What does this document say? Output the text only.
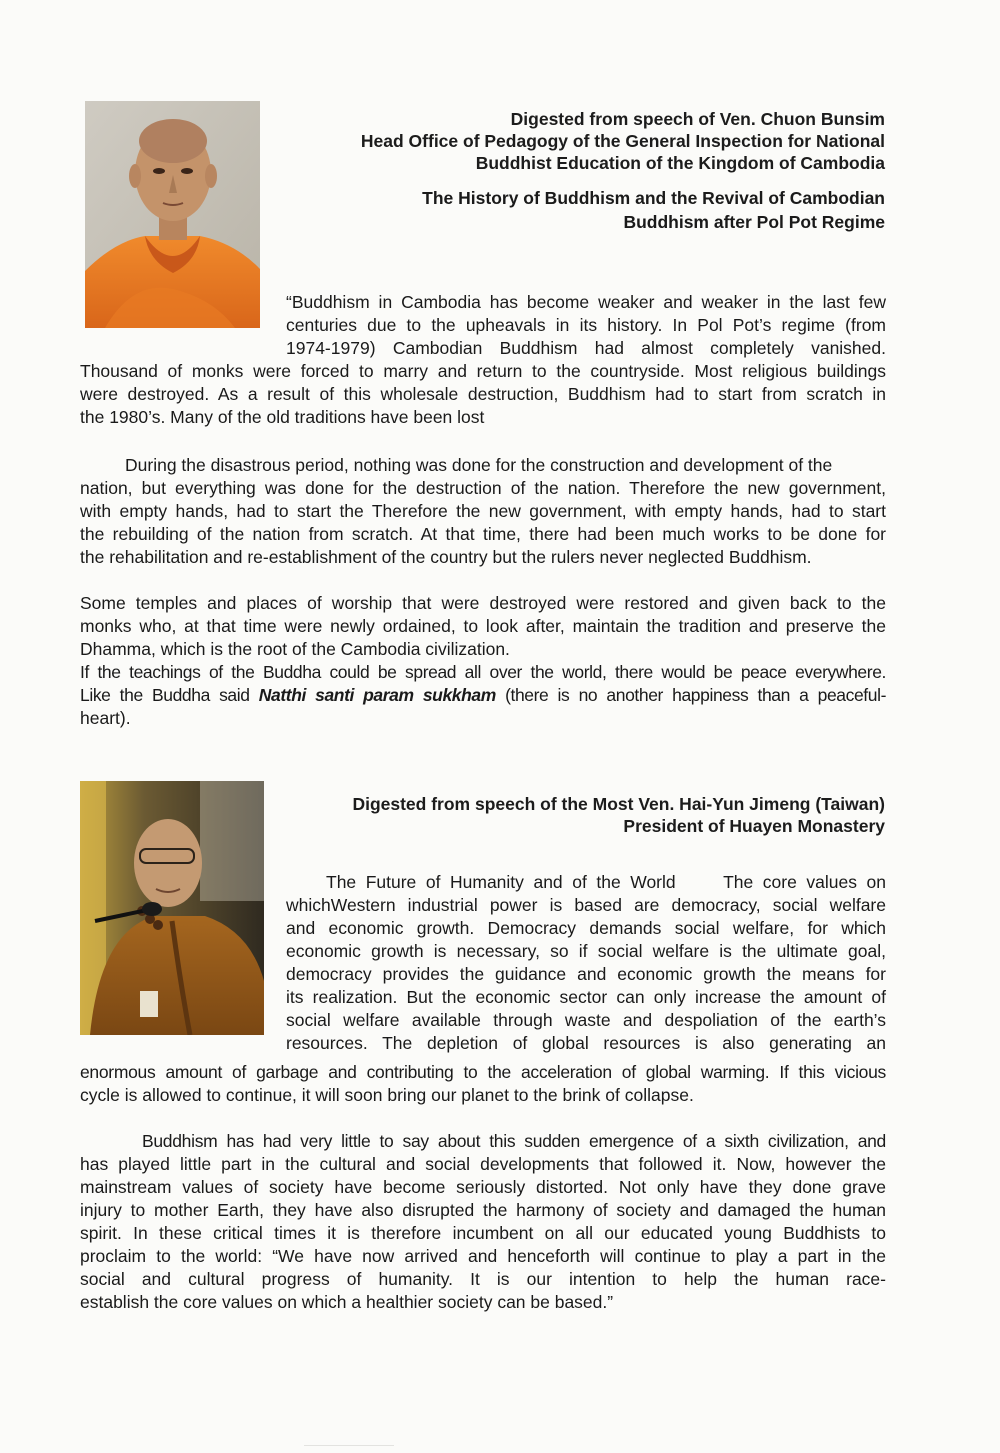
Digested from speech of Ven. Chuon Bunsim
Head Office of Pedagogy of the General Inspection for National
Buddhist Education of the Kingdom of Cambodia
The History of Buddhism and the Revival of Cambodian
Buddhism after Pol Pot Regime
“Buddhism in Cambodia has become weaker and weaker in the last few
centuries due to the upheavals in its history. In Pol Pot’s regime (from
1974-1979) Cambodian Buddhism had almost completely vanished.
Thousand of monks were forced to marry and return to the countryside. Most religious buildings
were destroyed. As a result of this wholesale destruction, Buddhism had to start from scratch in
the 1980’s. Many of the old traditions have been lost
During the disastrous period, nothing was done for the construction and development of the
nation, but everything was done for the destruction of the nation. Therefore the new government,
with empty hands, had to start the Therefore the new government, with empty hands, had to start
the rebuilding of the nation from scratch. At that time, there had been much works to be done for
the rehabilitation and re-establishment of the country but the rulers never neglected Buddhism.
Some temples and places of worship that were destroyed were restored and given back to the
monks who, at that time were newly ordained, to look after, maintain the tradition and preserve the
Dhamma, which is the root of the Cambodia civilization.
If the teachings of the Buddha could be spread all over the world, there would be peace everywhere.
Like the Buddha said Natthi santi param sukkham (there is no another happiness than a peaceful-
heart).
Digested from speech of the Most Ven. Hai-Yun Jimeng (Taiwan)
President of Huayen Monastery
The Future of Humanity and of the World     The core values on
whichWestern industrial power is based are democracy, social welfare
and economic growth. Democracy demands social welfare, for which
economic growth is necessary, so if social welfare is the ultimate goal,
democracy provides the guidance and economic growth the means for
its realization. But the economic sector can only increase the amount of
social welfare available through waste and despoliation of the earth’s
resources. The depletion of global resources is also generating an
enormous amount of garbage and contributing to the acceleration of global warming. If this vicious
cycle is allowed to continue, it will soon bring our planet to the brink of collapse.
Buddhism has had very little to say about this sudden emergence of a sixth civilization, and
has played little part in the cultural and social developments that followed it. Now, however the
mainstream values of society have become seriously distorted. Not only have they done grave
injury to mother Earth, they have also disrupted the harmony of society and damaged the human
spirit. In these critical times it is therefore incumbent on all our educated young Buddhists to
proclaim to the world: “We have now arrived and henceforth will continue to play a part in the
social and cultural progress of humanity. It is our intention to help the human race-
establish the core values on which a healthier society can be based.”
